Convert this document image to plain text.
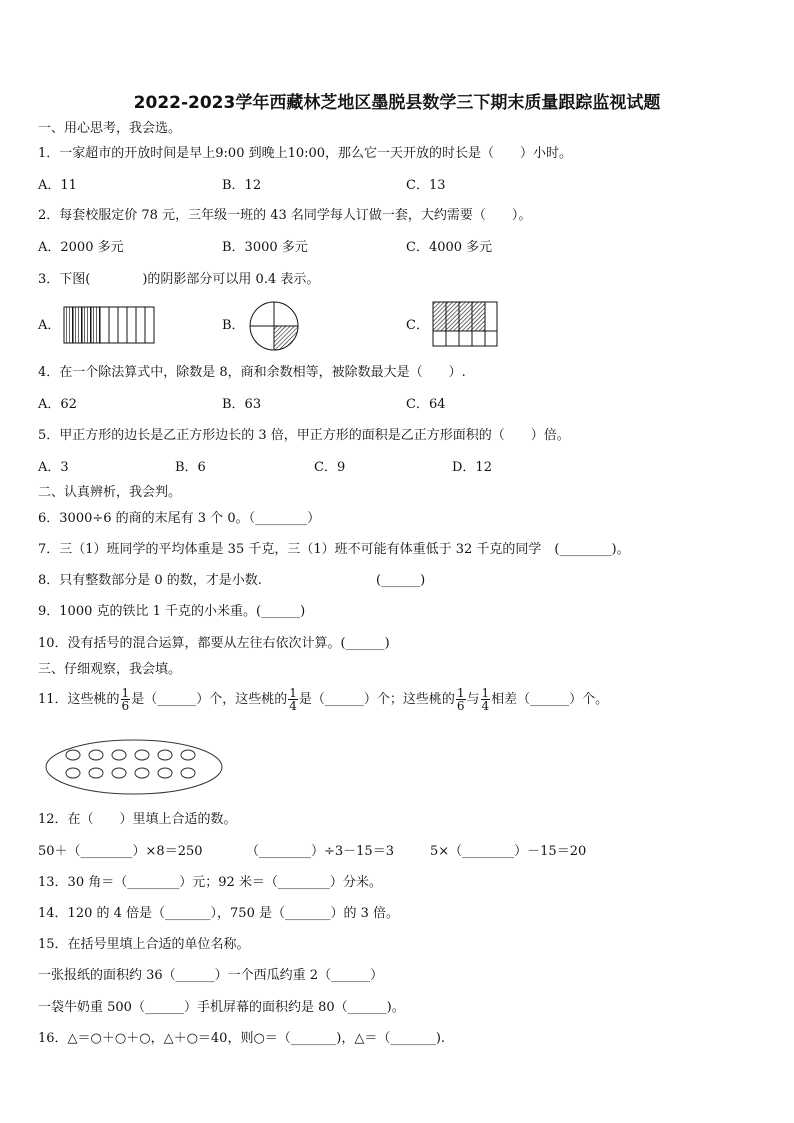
2022-2023学年西藏林芝地区墨脱县数学三下期末质量跟踪监视试题
一、用心思考，我会选。
1．一家超市的开放时间是早上9:00 到晚上10:00，那么它一天开放的时长是（　　）小时。
A．11	B．12	C．13
2．每套校服定价 78 元，三年级一班的 43 名同学每人订做一套，大约需要（　　）。
A．2000 多元	B．3000 多元	C．4000 多元
3．下图(　　　　)的阴影部分可以用 0.4 表示。
A．	B．	C．
4．在一个除法算式中，除数是 8，商和余数相等，被除数最大是（　　）.
A．62	B．63	C．64
5．甲正方形的边长是乙正方形边长的 3 倍，甲正方形的面积是乙正方形面积的（　　）倍。
A．3	B．6	C．9	D．12
二、认真辨析，我会判。
6．3000÷6 的商的末尾有 3 个 0。（________）
7．三（1）班同学的平均体重是 35 千克，三（1）班不可能有体重低于 32 千克的同学　(________)。
8．只有整数部分是 0 的数，才是小数.	(______)
9．1000 克的铁比 1 千克的小米重。(______)
10．没有括号的混合运算，都要从左往右依次计算。(______)
三、仔细观察，我会填。
11．这些桃的 $\frac{1}{6}$ 是（______）个，这些桃的 $\frac{1}{4}$ 是（______）个；这些桃的 $\frac{1}{6}$ 与 $\frac{1}{4}$ 相差（______）个。
12．在（　　）里填上合适的数。
50＋（________）×8＝250	（________）÷3－15＝3	5×（________）－15＝20
13．30 角＝（________）元；92 米＝（________）分米。
14．120 的 4 倍是（_______），750 是（_______）的 3 倍。
15．在括号里填上合适的单位名称。
一张报纸的面积约 36（______）一个西瓜约重 2（______）
一袋牛奶重 500（______）手机屏幕的面积约是 80（______)。
16．△＝○＋○＋○，△＋○＝40，则○＝（_______)，△＝（_______).
